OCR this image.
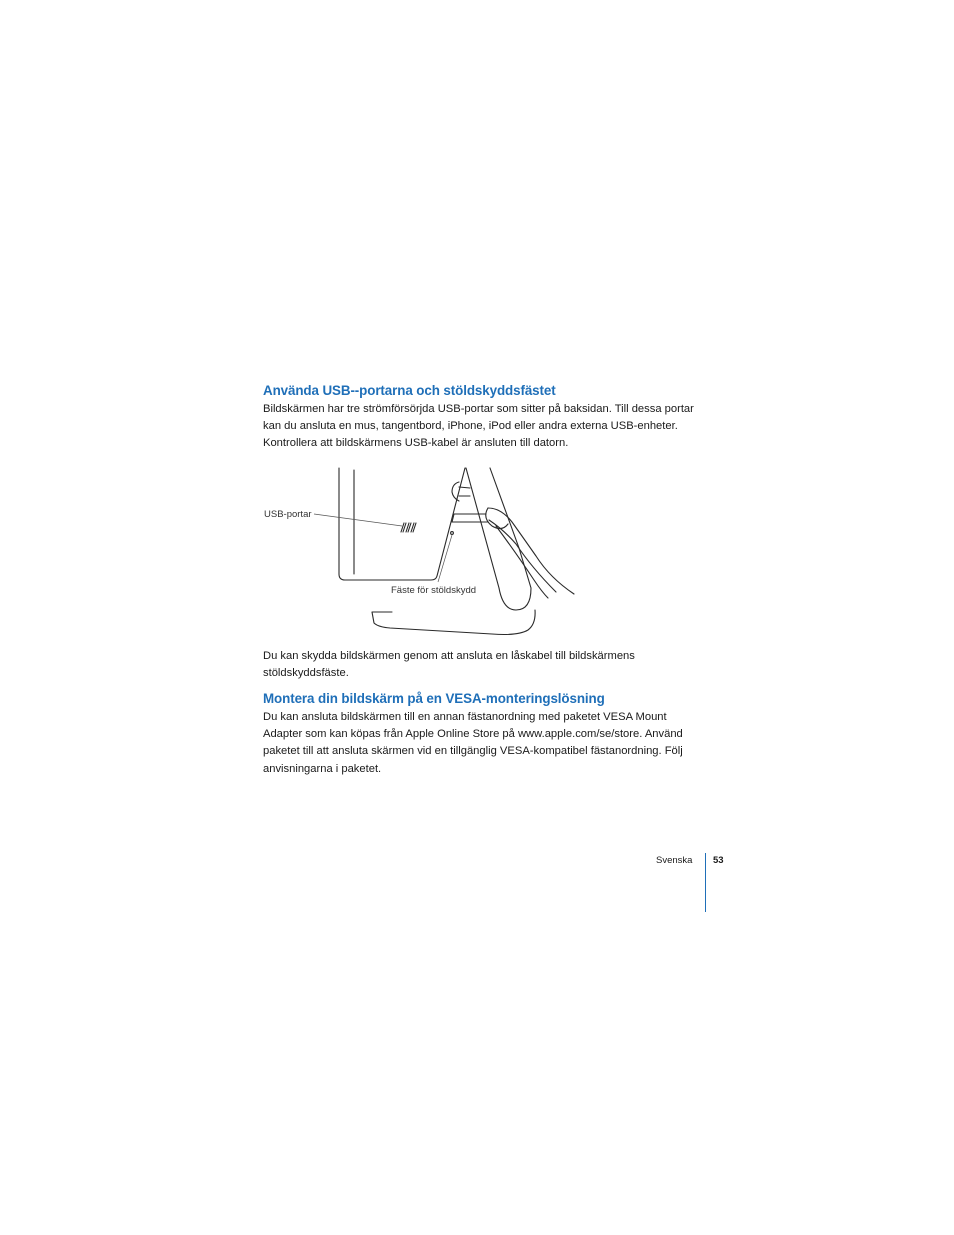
Använda USB--portarna och stöldskyddsfästet
Bildskärmen har tre strömförsörjda USB-portar som sitter på baksidan. Till dessa portar
kan du ansluta en mus, tangentbord, iPhone, iPod eller andra externa USB-enheter.
Kontrollera att bildskärmens USB-kabel är ansluten till datorn.
USB-portar
Fäste för stöldskydd
Du kan skydda bildskärmen genom att ansluta en låskabel till bildskärmens
stöldskyddsfäste.
Montera din bildskärm på en VESA-monteringslösning
Du kan ansluta bildskärmen till en annan fästanordning med paketet VESA Mount
Adapter som kan köpas från Apple Online Store på www.apple.com/se/store. Använd
paketet till att ansluta skärmen vid en tillgänglig VESA-kompatibel fästanordning. Följ
anvisningarna i paketet.
Svenska 53
